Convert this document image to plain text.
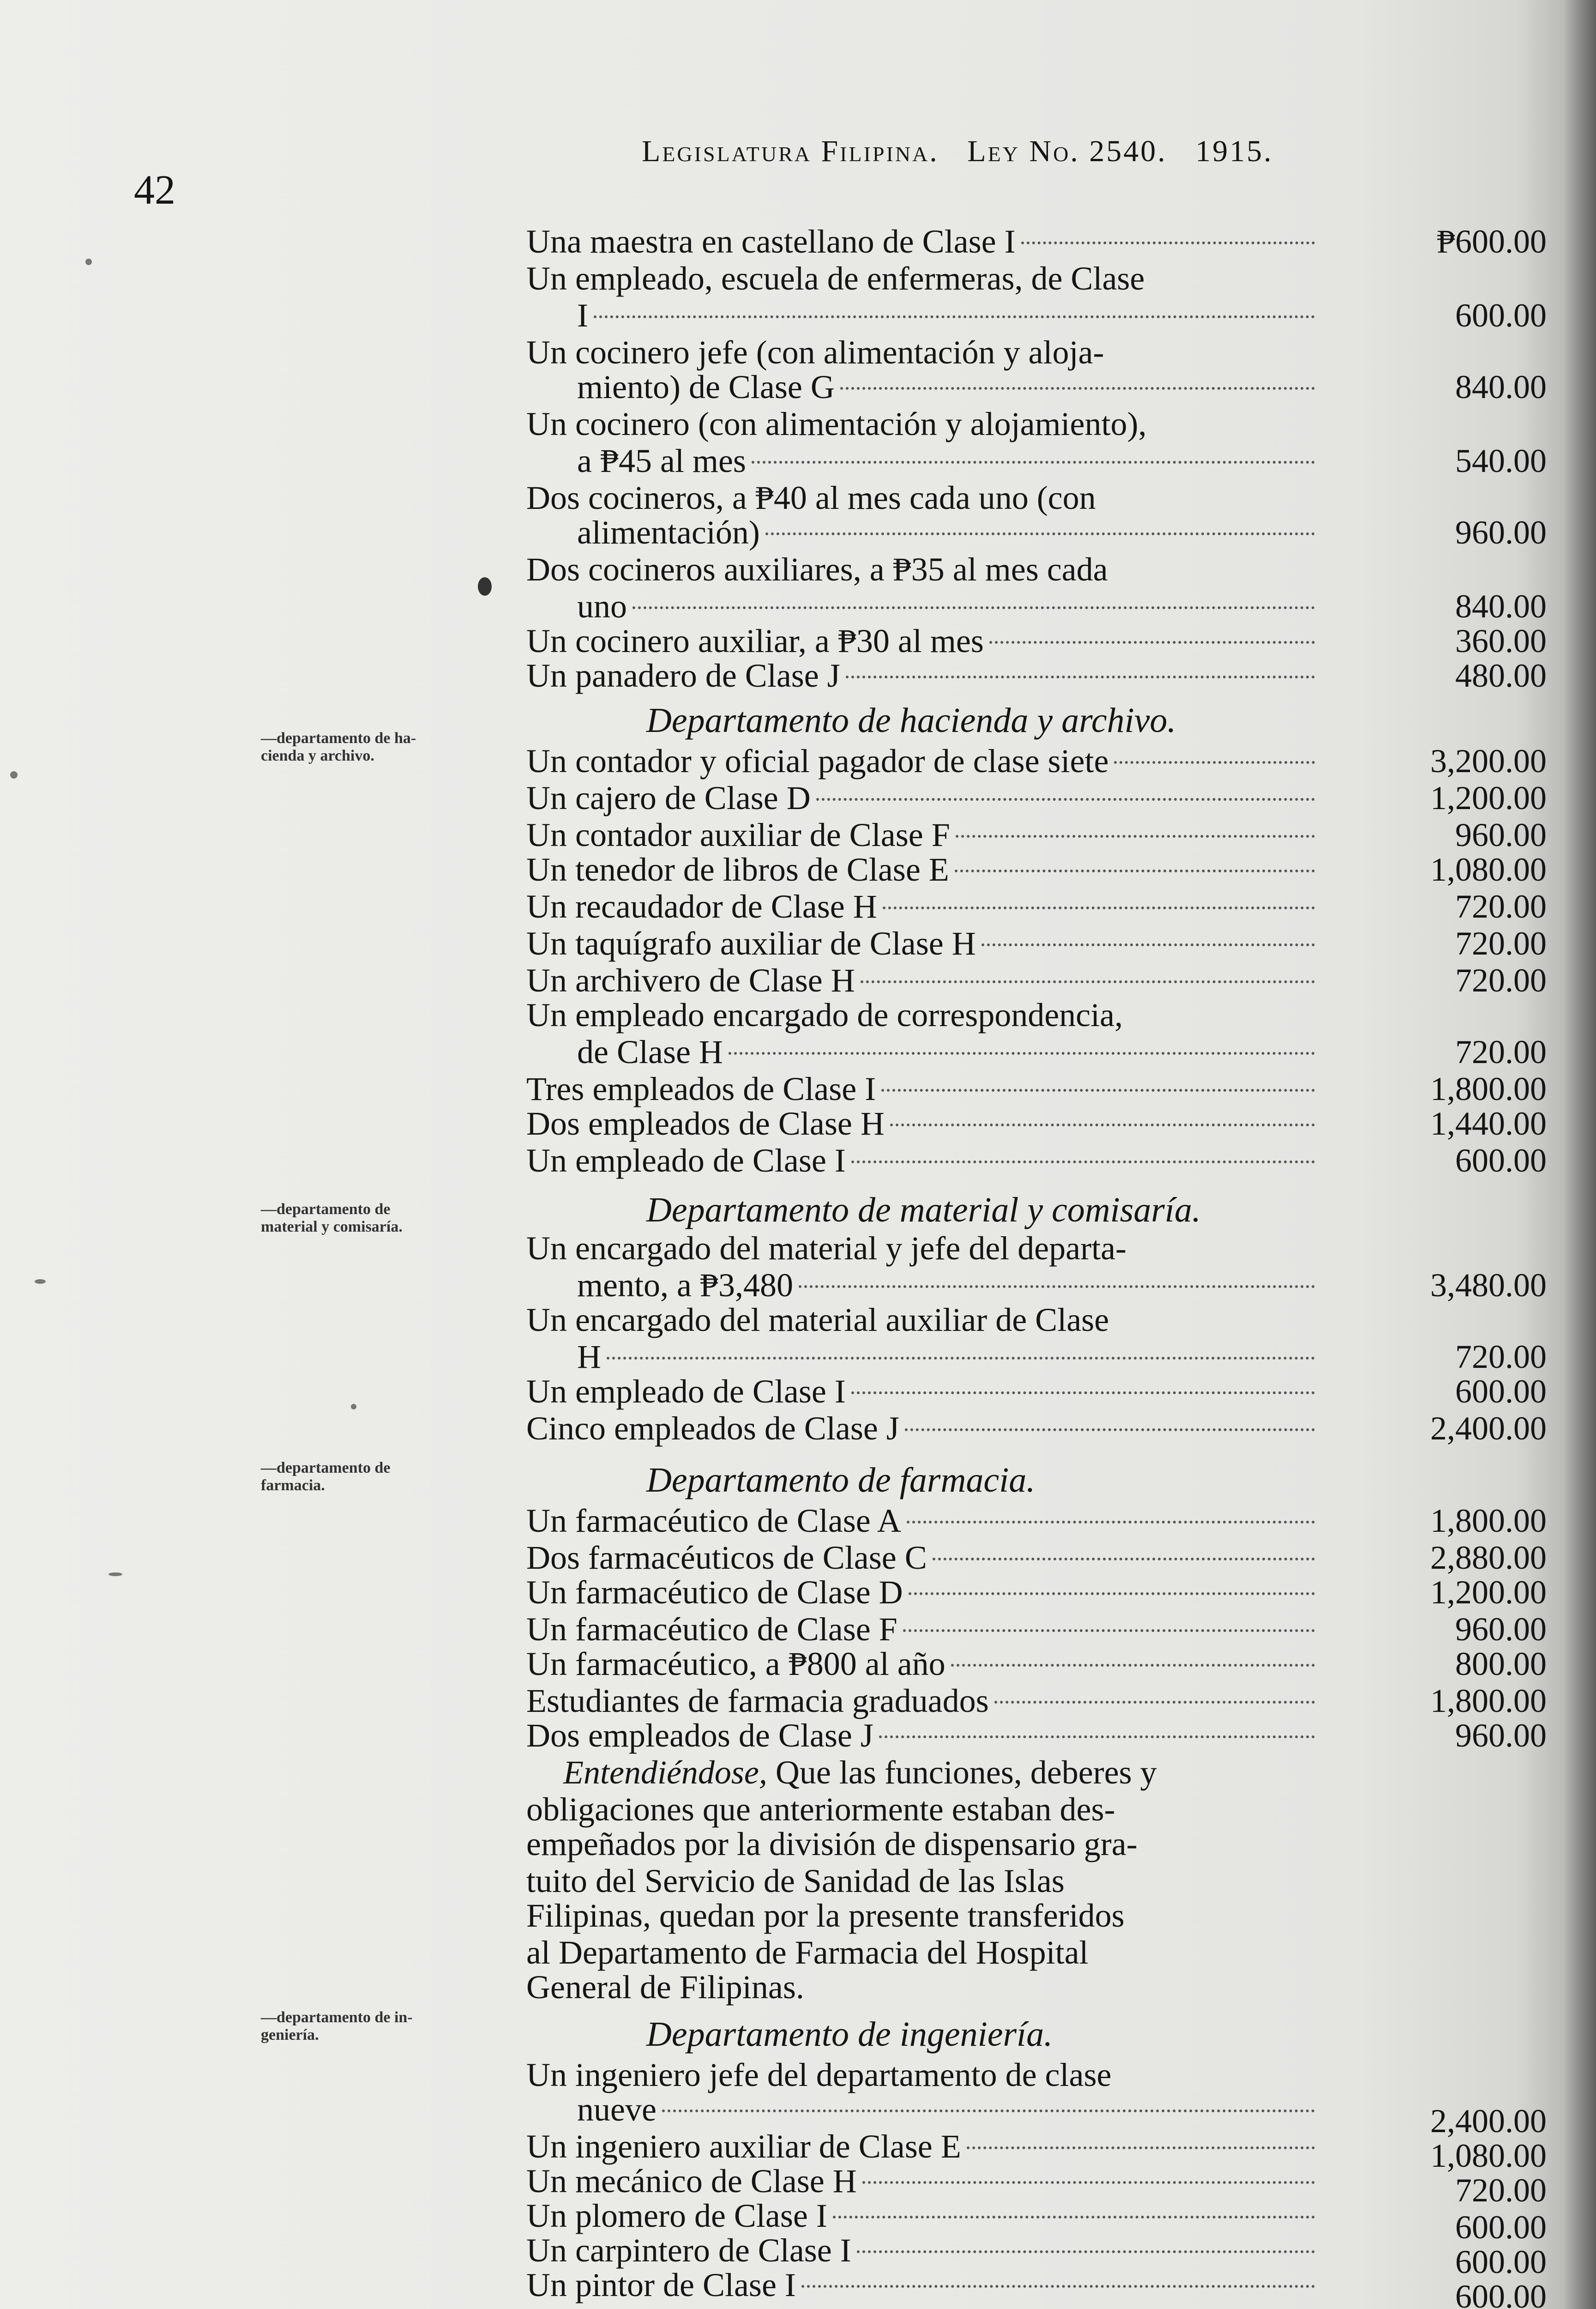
42
Legislatura Filipina. Ley No. 2540. 1915.
Una maestra en castellano de Clase I	₱600.00
Un empleado, escuela de enfermeras, de Clase
I	600.00
Un cocinero jefe (con alimentación y aloja-
miento) de Clase G	840.00
Un cocinero (con alimentación y alojamiento),
a ₱45 al mes	540.00
Dos cocineros, a ₱40 al mes cada uno (con
alimentación)	960.00
Dos cocineros auxiliares, a ₱35 al mes cada
uno	840.00
Un cocinero auxiliar, a ₱30 al mes	360.00
Un panadero de Clase J	480.00
—departamento de ha-
cienda y archivo.
Departamento de hacienda y archivo.
Un contador y oficial pagador de clase siete	3,200.00
Un cajero de Clase D	1,200.00
Un contador auxiliar de Clase F	960.00
Un tenedor de libros de Clase E	1,080.00
Un recaudador de Clase H	720.00
Un taquígrafo auxiliar de Clase H	720.00
Un archivero de Clase H	720.00
Un empleado encargado de correspondencia,
de Clase H	720.00
Tres empleados de Clase I	1,800.00
Dos empleados de Clase H	1,440.00
Un empleado de Clase I	600.00
—departamento de
material y comisaría.	Departamento de material y comisaría.
Un encargado del material y jefe del departa-
mento, a ₱3,480	3,480.00
Un encargado del material auxiliar de Clase
H	720.00
Un empleado de Clase I	600.00
Cinco empleados de Clase J	2,400.00
—departamento de
farmacia.	Departamento de farmacia.
Un farmacéutico de Clase A	1,800.00
Dos farmacéuticos de Clase C	2,880.00
Un farmacéutico de Clase D	1,200.00
Un farmacéutico de Clase F	960.00
Un farmacéutico, a ₱800 al año	800.00
Estudiantes de farmacia graduados	1,800.00
Dos empleados de Clase J	960.00
Entendiéndose, Que las funciones, deberes y
obligaciones que anteriormente estaban des-
empeñados por la división de dispensario gra-
tuito del Servicio de Sanidad de las Islas
Filipinas, quedan por la presente transferidos
al Departamento de Farmacia del Hospital
General de Filipinas.
—departamento de in-
geniería.	Departamento de ingeniería.
Un ingeniero jefe del departamento de clase
nueve	2,400.00
Un ingeniero auxiliar de Clase E	1,080.00
Un mecánico de Clase H	720.00
Un plomero de Clase I	600.00
Un carpintero de Clase I	600.00
Un pintor de Clase I	600.00
